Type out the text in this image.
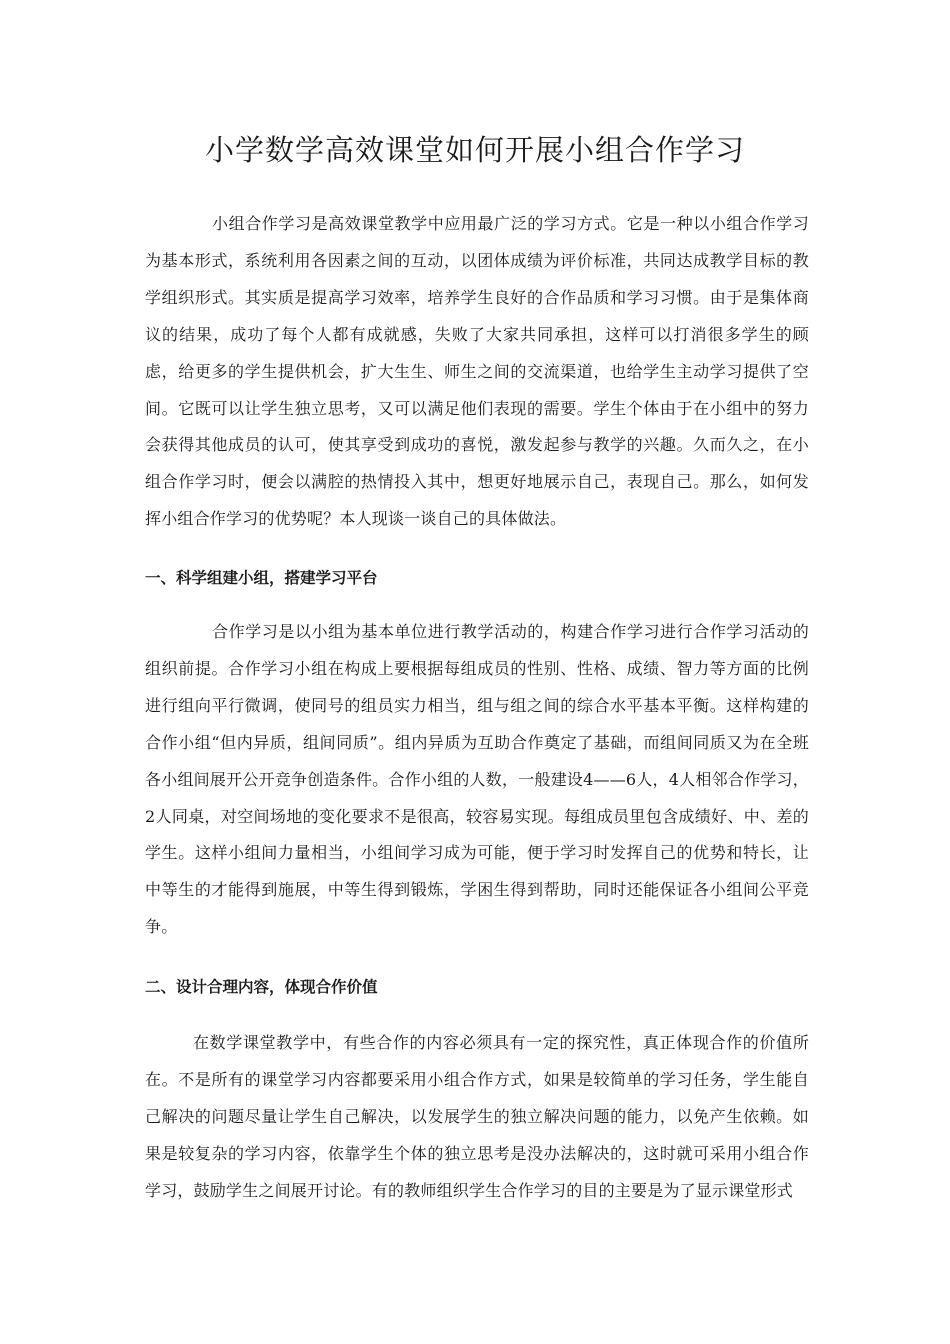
小学数学高效课堂如何开展小组合作学习

小组合作学习是高效课堂教学中应用最广泛的学习方式。它是一种以小组合作学习为基本形式，系统利用各因素之间的互动，以团体成绩为评价标准，共同达成教学目标的教学组织形式。其实质是提高学习效率，培养学生良好的合作品质和学习习惯。由于是集体商议的结果，成功了每个人都有成就感，失败了大家共同承担，这样可以打消很多学生的顾虑，给更多的学生提供机会，扩大生生、师生之间的交流渠道，也给学生主动学习提供了空间。它既可以让学生独立思考，又可以满足他们表现的需要。学生个体由于在小组中的努力会获得其他成员的认可，使其享受到成功的喜悦，激发起参与教学的兴趣。久而久之，在小组合作学习时，便会以满腔的热情投入其中，想更好地展示自己，表现自己。那么，如何发挥小组合作学习的优势呢？本人现谈一谈自己的具体做法。

一、科学组建小组，搭建学习平台

合作学习是以小组为基本单位进行教学活动的，构建合作学习进行合作学习活动的组织前提。合作学习小组在构成上要根据每组成员的性别、性格、成绩、智力等方面的比例进行组向平行微调，使同号的组员实力相当，组与组之间的综合水平基本平衡。这样构建的合作小组“但内异质，组间同质”。组内异质为互助合作奠定了基础，而组间同质又为在全班各小组间展开公开竞争创造条件。合作小组的人数，一般建设4——6人，4人相邻合作学习，2人同桌，对空间场地的变化要求不是很高，较容易实现。每组成员里包含成绩好、中、差的学生。这样小组间力量相当，小组间学习成为可能，便于学习时发挥自己的优势和特长，让中等生的才能得到施展，中等生得到锻炼，学困生得到帮助，同时还能保证各小组间公平竞争。

二、设计合理内容，体现合作价值

在数学课堂教学中，有些合作的内容必须具有一定的探究性，真正体现合作的价值所在。不是所有的课堂学习内容都要采用小组合作方式，如果是较简单的学习任务，学生能自己解决的问题尽量让学生自己解决，以发展学生的独立解决问题的能力，以免产生依赖。如果是较复杂的学习内容，依靠学生个体的独立思考是没办法解决的，这时就可采用小组合作学习，鼓励学生之间展开讨论。有的教师组织学生合作学习的目的主要是为了显示课堂形式
